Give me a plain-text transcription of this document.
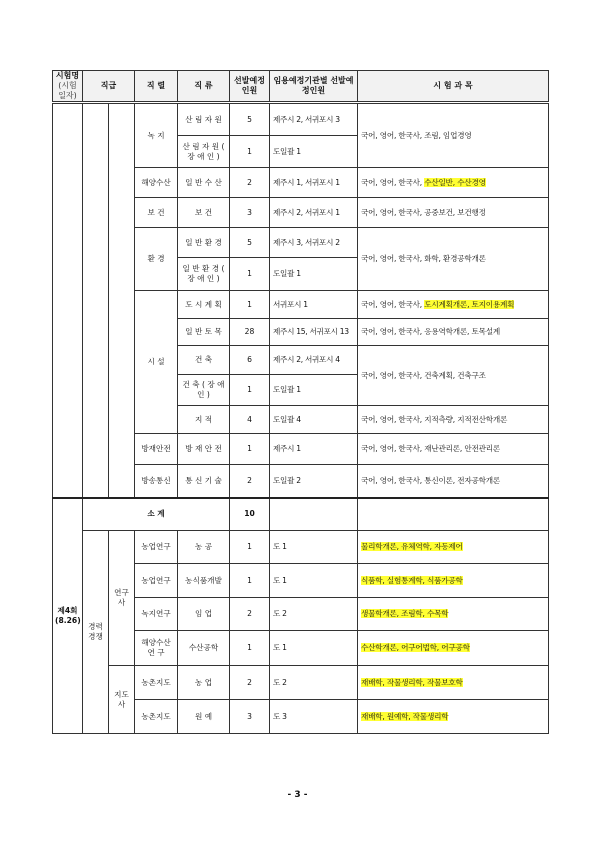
시험명
(시험일자)	직급		직 렬	직 류	선발예정인원	임용예정기관별 선발예정인원	시 험 과 목
			녹 지	산 림 자 원	5	제주시 2, 서귀포시 3	국어, 영어, 한국사, 조림, 임업경영
				산 림 자 원 ( 장 애 인 )	1	도일괄 1	
			해양수산	일 반 수 산	2	제주시 1, 서귀포시 1	국어, 영어, 한국사, 수산일반, 수산경영
			보 건	보 건	3	제주시 2, 서귀포시 1	국어, 영어, 한국사, 공중보건, 보건행정
			환 경	일 반 환 경	5	제주시 3, 서귀포시 2	국어, 영어, 한국사, 화학, 환경공학개론
				일 반 환 경 ( 장 애 인 )	1	도일괄 1	
			시 설	도 시 계 획	1	서귀포시 1	국어, 영어, 한국사, 도시계획개론, 토지이용계획
				일 반 토 목	28	제주시 15, 서귀포시 13	국어, 영어, 한국사, 응용역학개론, 토목설계
				건 축	6	제주시 2, 서귀포시 4	국어, 영어, 한국사, 건축계획, 건축구조
				건 축 ( 장 애 인 )	1	도일괄 1	
				지 적	4	도일괄 4	국어, 영어, 한국사, 지적측량, 지적전산학개론
			방재안전	방 재 안 전	1	제주시 1	국어, 영어, 한국사, 재난관리론, 안전관리론
			방송통신	통 신 기 술	2	도일괄 2	국어, 영어, 한국사, 통신이론, 전자공학개론
제4회
(8.26)	소 계				10		
	경력 경쟁	연구사	농업연구	농 공	1	도 1	물리학개론, 유체역학, 자동제어
			농업연구	농식품개발	1	도 1	식품학, 실험통계학, 식품가공학
			녹지연구	임 업	2	도 2	생물학개론, 조림학, 수목학
			해양수산 연 구	수산공학	1	도 1	수산학개론, 어구어법학, 어구공학
		지도사	농촌지도	농 업	2	도 2	재배학, 작물생리학, 작물보호학
			농촌지도	원 예	3	도 3	재배학, 원예학, 작물생리학
- 3 -
